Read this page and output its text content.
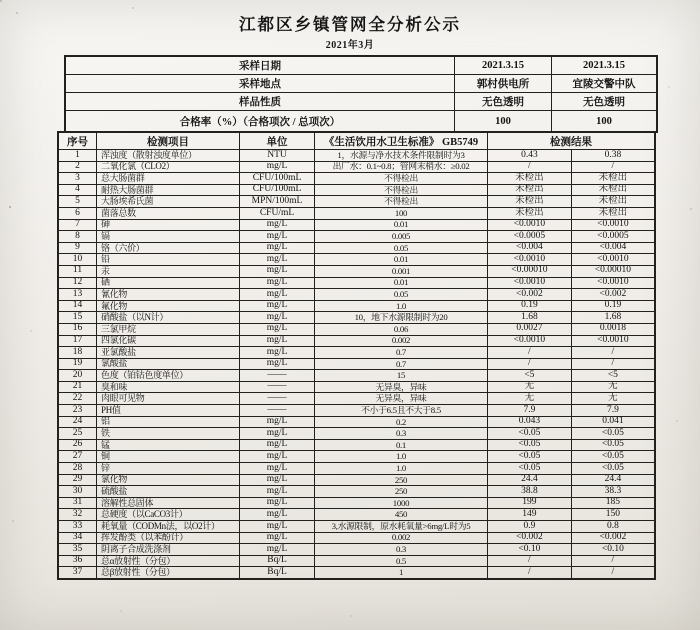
江都区乡镇管网全分析公示
2021年3月
采样日期	2021.3.15	2021.3.15
采样地点	郭村供电所	宜陵交警中队
样品性质	无色透明	无色透明
合格率（%）（合格项次 / 总项次）	100	100
序号	检测项目	单位	《生活饮用水卫生标准》 GB5749	检测结果	
1	浑浊度（散射浊度单位）	NTU	1，水源与净水技术条件限制时为3	0.43	0.38
2	二氧化氯（CLO2）	mg/L	出厂水：0.1~0.8；管网末梢水：≥0.02	/	/
3	总大肠菌群	CFU/100mL	不得检出	未检出	未检出
4	耐热大肠菌群	CFU/100mL	不得检出	未检出	未检出
5	大肠埃希氏菌	MPN/100mL	不得检出	未检出	未检出
6	菌落总数	CFU/mL	100	未检出	未检出
7	砷	mg/L	0.01	<0.0010	<0.0010
8	镉	mg/L	0.005	<0.0005	<0.0005
9	铬（六价）	mg/L	0.05	<0.004	<0.004
10	铅	mg/L	0.01	<0.0010	<0.0010
11	汞	mg/L	0.001	<0.00010	<0.00010
12	硒	mg/L	0.01	<0.0010	<0.0010
13	氰化物	mg/L	0.05	<0.002	<0.002
14	氟化物	mg/L	1.0	0.19	0.19
15	硝酸盐（以N计）	mg/L	10，地下水源限制时为20	1.68	1.68
16	三氯甲烷	mg/L	0.06	0.0027	0.0018
17	四氯化碳	mg/L	0.002	<0.0010	<0.0010
18	亚氯酸盐	mg/L	0.7	/	/
19	氯酸盐	mg/L	0.7	/	/
20	色度（铂钴色度单位）	——	15	<5	<5
21	臭和味	——	无异臭，异味	无	无
22	肉眼可见物	——	无异臭，异味	无	无
23	PH值	——	不小于6.5且不大于8.5	7.9	7.9
24	铝	mg/L	0.2	0.043	0.041
25	铁	mg/L	0.3	<0.05	<0.05
26	锰	mg/L	0.1	<0.05	<0.05
27	铜	mg/L	1.0	<0.05	<0.05
28	锌	mg/L	1.0	<0.05	<0.05
29	氯化物	mg/L	250	24.4	24.4
30	硫酸盐	mg/L	250	38.8	38.3
31	溶解性总固体	mg/L	1000	199	185
32	总硬度（以CaCO3计）	mg/L	450	149	150
33	耗氧量（CODMn法，以O2计）	mg/L	3,水源限制，原水耗氧量>6mg/L时为5	0.9	0.8
34	挥发酚类（以苯酚计）	mg/L	0.002	<0.002	<0.002
35	阴离子合成洗涤剂	mg/L	0.3	<0.10	<0.10
36	总α放射性（分包）	Bq/L	0.5	/	/
37	总β放射性（分包）	Bq/L	1	/	/
